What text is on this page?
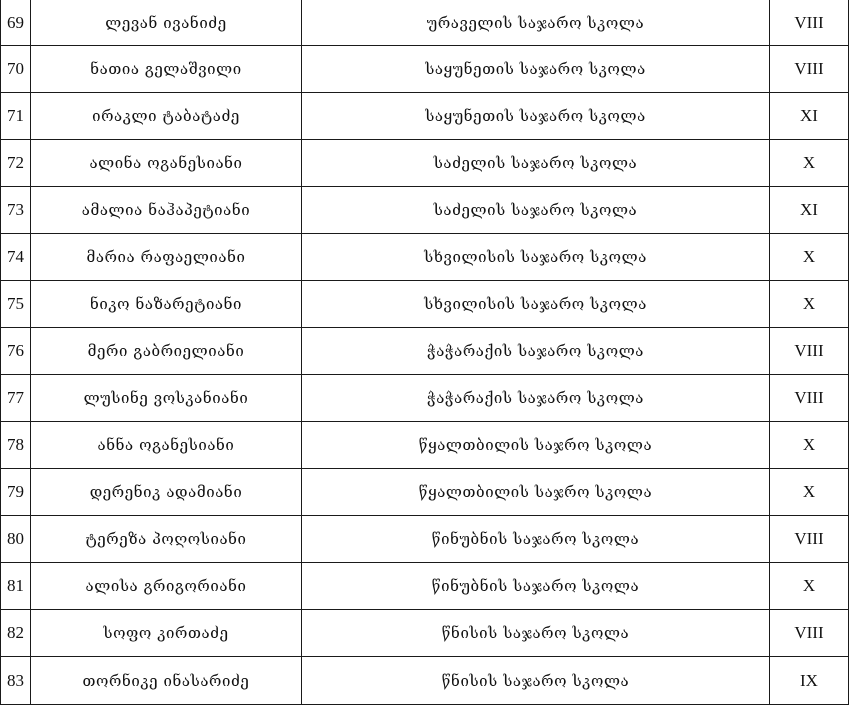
69	ლევან ივანიძე	ურაველის საჯარო სკოლა	VIII
70	ნათია გელაშვილი	საყუნეთის საჯარო სკოლა	VIII
71	ირაკლი ტაბატაძე	საყუნეთის საჯარო სკოლა	XI
72	ალინა ოგანესიანი	საძელის საჯარო სკოლა	X
73	ამალია ნაჰაპეტიანი	საძელის საჯარო სკოლა	XI
74	მარია რაფაელიანი	სხვილისის საჯარო სკოლა	X
75	ნიკო ნაზარეტიანი	სხვილისის საჯარო სკოლა	X
76	მერი გაბრიელიანი	ჭაჭარაქის საჯარო სკოლა	VIII
77	ლუსინე ვოსკანიანი	ჭაჭარაქის საჯარო სკოლა	VIII
78	ანნა ოგანესიანი	წყალთბილის საჯრო სკოლა	X
79	დერენიკ ადამიანი	წყალთბილის საჯრო სკოლა	X
80	ტერეზა პოღოსიანი	წინუბნის საჯარო სკოლა	VIII
81	ალისა გრიგორიანი	წინუბნის საჯარო სკოლა	X
82	სოფო კირთაძე	წნისის საჯარო სკოლა	VIII
83	თორნიკე ინასარიძე	წნისის საჯარო სკოლა	IX
